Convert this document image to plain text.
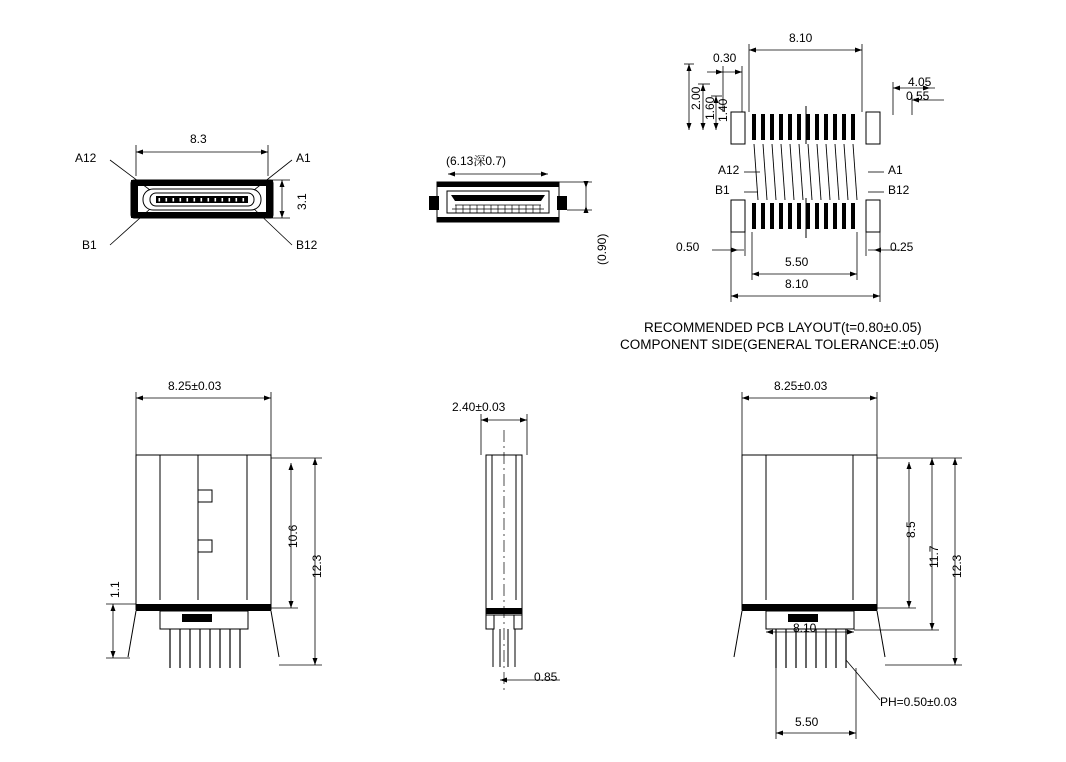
8.3
3.1
A12	A1
B1	B12
(6.13深0.7)
(0.90)
8.10
0.30
2.00 1.60 1.40
4.05
0.55
A12	A1
B1	B12
0.50	0.25
5.50
8.10
RECOMMENDED PCB LAYOUT(t=0.80±0.05)
COMPONENT SIDE(GENERAL TOLERANCE:±0.05)
8.25±0.03
10.6
12.3
1.1
2.40±0.03
0.85
8.25±0.03
8.5
11.7 12.3
8.10
5.50
PH=0.50±0.03
